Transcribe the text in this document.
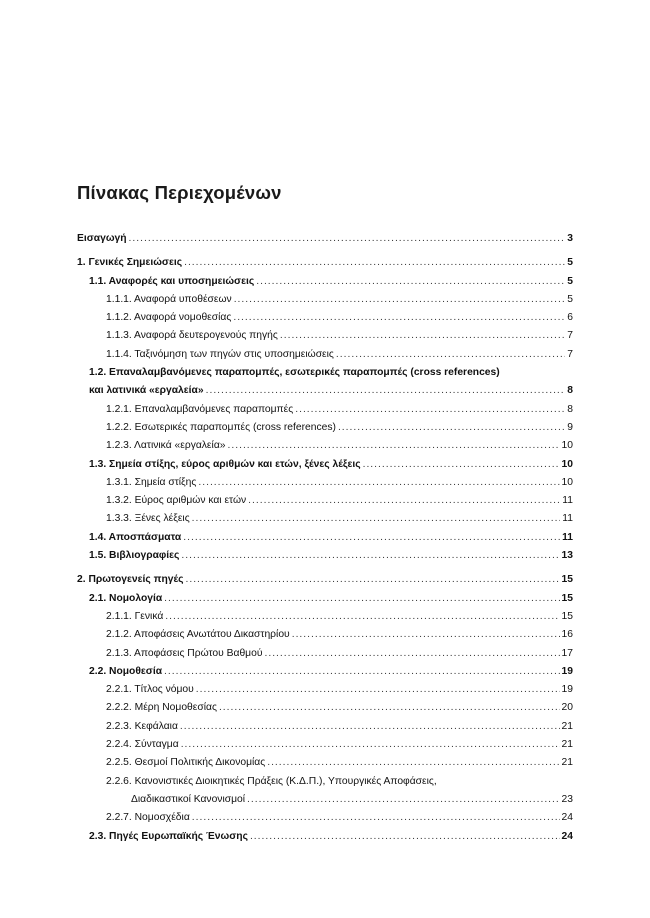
Πίνακας Περιεχομένων
Εισαγωγή .....	3
1. Γενικές Σημειώσεις .....	5
1.1. Αναφορές και υποσημειώσεις .....	5
1.1.1. Αναφορά υποθέσεων .....	5
1.1.2. Αναφορά νομοθεσίας .....	6
1.1.3. Αναφορά δευτερογενούς πηγής .....	7
1.1.4. Ταξινόμηση των πηγών στις υποσημειώσεις .....	7
1.2. Επαναλαμβανόμενες παραπομπές, εσωτερικές παραπομπές (cross references)
και λατινικά «εργαλεία» .....	8
1.2.1. Επαναλαμβανόμενες παραπομπές .....	8
1.2.2. Εσωτερικές παραπομπές (cross references) .....	9
1.2.3. Λατινικά «εργαλεία» .....	10
1.3. Σημεία στίξης, εύρος αριθμών και ετών, ξένες λέξεις .....	10
1.3.1. Σημεία στίξης .....	10
1.3.2. Εύρος αριθμών και ετών .....	11
1.3.3. Ξένες λέξεις .....	11
1.4. Αποσπάσματα .....	11
1.5. Βιβλιογραφίες .....	13
2. Πρωτογενείς πηγές .....	15
2.1. Νομολογία .....	15
2.1.1. Γενικά .....	15
2.1.2. Αποφάσεις Ανωτάτου Δικαστηρίου .....	16
2.1.3. Αποφάσεις Πρώτου Βαθμού .....	17
2.2. Νομοθεσία .....	19
2.2.1. Τίτλος νόμου .....	19
2.2.2. Μέρη Νομοθεσίας .....	20
2.2.3. Κεφάλαια .....	21
2.2.4. Σύνταγμα .....	21
2.2.5. Θεσμοί Πολιτικής Δικονομίας .....	21
2.2.6. Κανονιστικές Διοικητικές Πράξεις (Κ.Δ.Π.), Υπουργικές Αποφάσεις,
Διαδικαστικοί Κανονισμοί .....	23
2.2.7. Νομοσχέδια .....	24
2.3. Πηγές Ευρωπαϊκής Ένωσης .....	24
